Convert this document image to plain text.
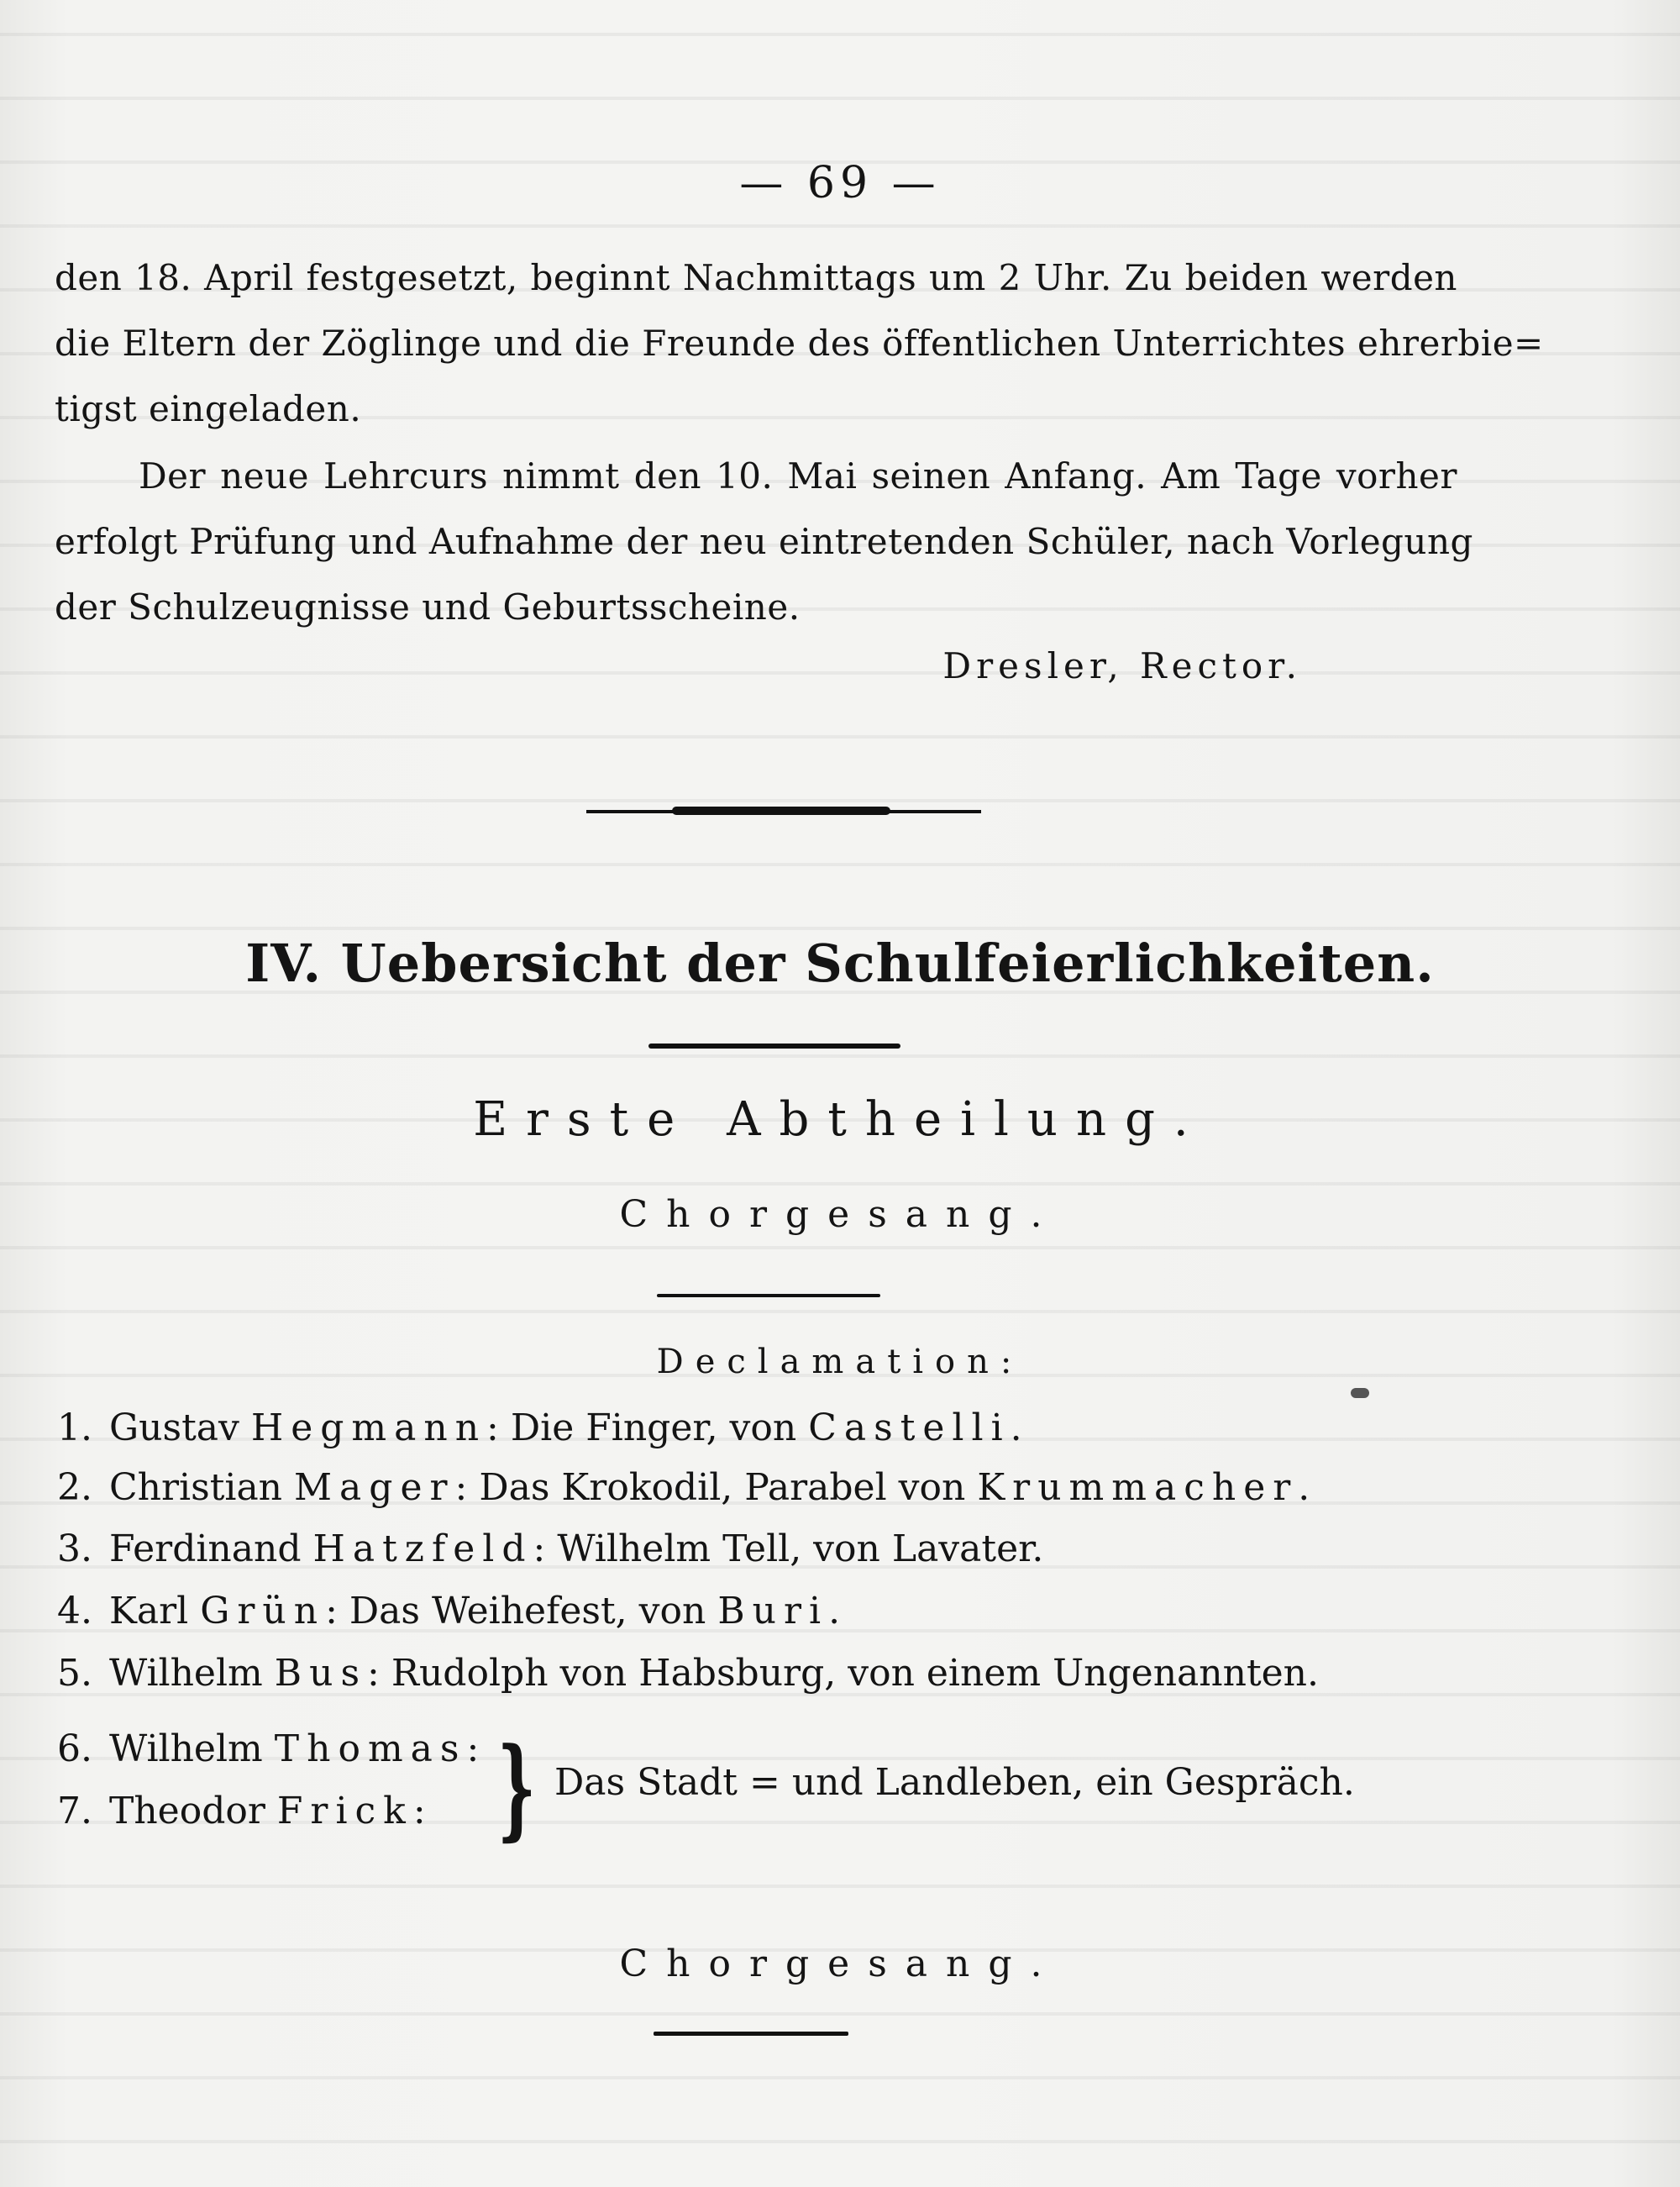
— 69 —
den 18. April festgesetzt, beginnt Nachmittags um 2 Uhr. Zu beiden werden
die Eltern der Zöglinge und die Freunde des öffentlichen Unterrichtes ehrerbie=
tigst eingeladen.
Der neue Lehrcurs nimmt den 10. Mai seinen Anfang. Am Tage vorher
erfolgt Prüfung und Aufnahme der neu eintretenden Schüler, nach Vorlegung
der Schulzeugnisse und Geburtsscheine.
Dresler, Rector.
IV. Uebersicht der Schulfeierlichkeiten.
Erste Abtheilung.
Chorgesang.
Declamation:
1. Gustav Hegmann: Die Finger, von Castelli.
2. Christian Mager: Das Krokodil, Parabel von Krummacher.
3. Ferdinand Hatzfeld: Wilhelm Tell, von Lavater.
4. Karl Grün: Das Weihefest, von Buri.
5. Wilhelm Bus: Rudolph von Habsburg, von einem Ungenannten.
6. Wilhelm Thomas:
7. Theodor Frick: } Das Stadt = und Landleben, ein Gespräch.
Chorgesang.
